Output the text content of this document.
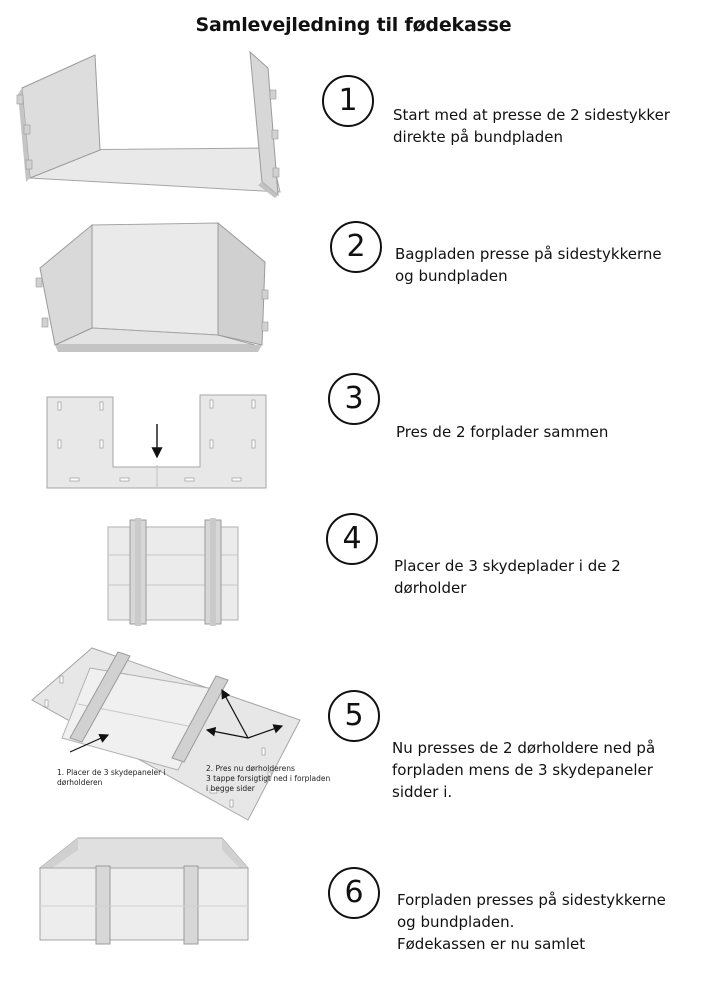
Samlevejledning til fødekasse
1	Start med at presse de 2 sidestykker
direkte på bundpladen
2	Bagpladen presse på sidestykkerne
og bundpladen
3
Pres de 2 forplader sammen
4
Placer de 3 skydeplader i de 2
dørholder
5
Nu presses de 2 dørholdere ned på
forpladen mens de 3 skydepaneler
sidder i.
6	Forpladen presses på sidestykkerne
og bundpladen.
Fødekassen er nu samlet
1. Placer de 3 skydepaneler i
dørholderen
2. Pres nu dørholderens
3 tappe forsigtigt ned i forpladen
i begge sider
